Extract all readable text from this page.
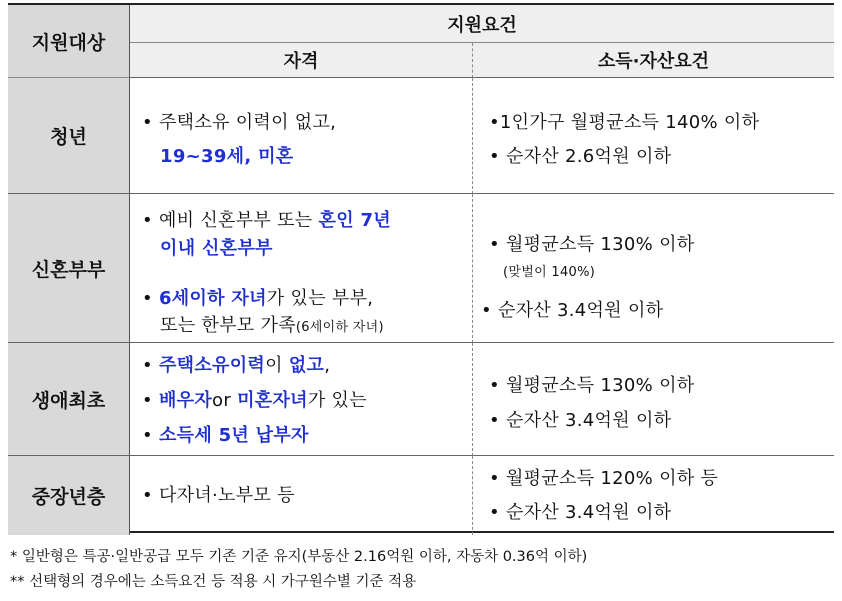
지원대상
지원요건
자격	소득·자산요건
청년
• 주택소유 이력이 없고,
19~39세, 미혼
•1인가구 월평균소득 140% 이하
• 순자산 2.6억원 이하
신혼부부
• 예비 신혼부부 또는 혼인 7년
이내 신혼부부
• 6세이하 자녀가 있는 부부,
또는 한부모 가족(6세이하 자녀)
• 월평균소득 130% 이하
(맞벌이 140%)
• 순자산 3.4억원 이하
생애최초
• 주택소유이력이 없고,
• 배우자or 미혼자녀가 있는
• 소득세 5년 납부자
• 월평균소득 130% 이하
• 순자산 3.4억원 이하
중장년층 • 다자녀·노부모 등
• 월평균소득 120% 이하 등
• 순자산 3.4억원 이하
* 일반형은 특공·일반공급 모두 기존 기준 유지(부동산 2.16억원 이하, 자동차 0.36억 이하)
** 선택형의 경우에는 소득요건 등 적용 시 가구원수별 기준 적용
